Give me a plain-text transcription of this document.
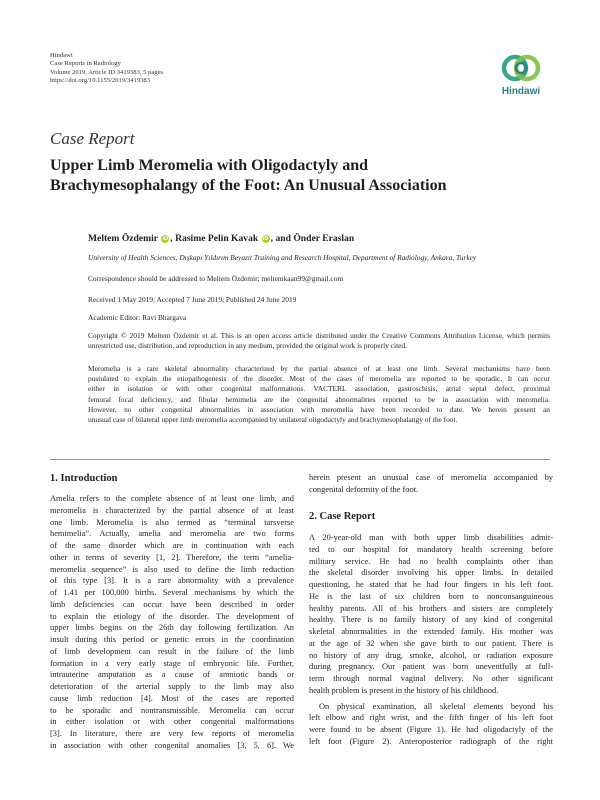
Hindawi
Case Reports in Radiology
Volume 2019, Article ID 3419383, 5 pages
https://doi.org/10.1155/2019/3419383
Hindawi
Case Report
Upper Limb Meromelia with Oligodactyly and
Brachymesophalangy of the Foot: An Unusual Association
Meltem Özdemir iD , Rasime Pelin Kavak iD , and Önder Eraslan
University of Health Sciences, Dışkapı Yıldırım Beyazıt Training and Research Hospital, Department of Radiology, Ankara, Turkey
Correspondence should be addressed to Meltem Özdemir; meltemkaan99@gmail.com
Received 1 May 2019; Accepted 7 June 2019; Published 24 June 2019
Academic Editor: Ravi Bhargava
Copyright © 2019 Meltem Özdemir et al. This is an open access article distributed under the Creative Commons Attribution License, which permits unrestricted use, distribution, and reproduction in any medium, provided the original work is properly cited.
Meromelia is a rare skeletal abnormality characterized by the partial absence of at least one limb. Several mechanisms have been
postulated to explain the etiopathogenesis of the disorder. Most of the cases of meromelia are reported to be sporadic. It can occur
either in isolation or with other congenital malformations. VACTERL association, gastroschisis, atrial septal defect, proximal
femoral focal deficiency, and fibular hemimelia are the congenital abnormalities reported to be in association with meromelia.
However, no other congenital abnormalities in association with meromelia have been recorded to date. We herein present an
unusual case of bilateral upper limb meromelia accompanied by unilateral oligodactyly and brachymesophalangy of the foot.
1. Introduction
Amelia refers to the complete absence of at least one limb, and
meromelia is characterized by the partial absence of at least
one limb. Meromelia is also termed as “terminal tarsverse
hemimelia”. Actually, amelia and meromelia are two forms
of the same disorder which are in continuation with each
other in terms of severity [1, 2]. Therefore, the term “amelia-
meromelia sequence” is also used to define the limb reduction
of this type [3]. It is a rare abnormality with a prevalence
of 1.41 per 100,000 births. Several mechanisms by which the
limb deficiencies can occur have been described in order
to explain the etiology of the disorder. The development of
upper limbs begins on the 26th day following fertilization. An
insult during this period or genetic errors in the coordination
of limb development can result in the failure of the limb
formation in a very early stage of embryonic life. Further,
intrauterine amputation as a cause of amniotic bands or
deterioration of the arterial supply to the limb may also
cause limb reduction [4]. Most of the cases are reported
to be sporadic and nontransmissible. Meromelia can occur
in either isolation or with other congenital malformations
[3]. In literature, there are very few reports of meromelia
in association with other congenital anomalies [3, 5, 6]. We
herein present an unusual case of meromelia accompanied by
congenital deformity of the foot.
2. Case Report
A 20-year-old man with both upper limb disabilities admit-
ted to our hospital for mandatory health screening before
military service. He had no health complaints other than
the skeletal disorder involving his upper limbs. In detailed
questioning, he stated that he had four fingers in his left foot.
He is the last of six children born to nonconsanguineous
healthy parents. All of his brothers and sisters are completely
healthy. There is no family history of any kind of congenital
skeletal abnormalities in the extended family. His mother was
at the age of 32 when she gave birth to our patient. There is
no history of any drug, smoke, alcohol, or radiation exposure
during pregnancy. Our patient was born uneventfully at full-
term through normal vaginal delivery. No other significant
health problem is present in the history of his childhood.
On physical examination, all skeletal elements beyond his
left elbow and right wrist, and the fifth finger of his left foot
were found to be absent (Figure 1). He had oligodactyly of the
left foot (Figure 2). Anteroposterior radiograph of the right
